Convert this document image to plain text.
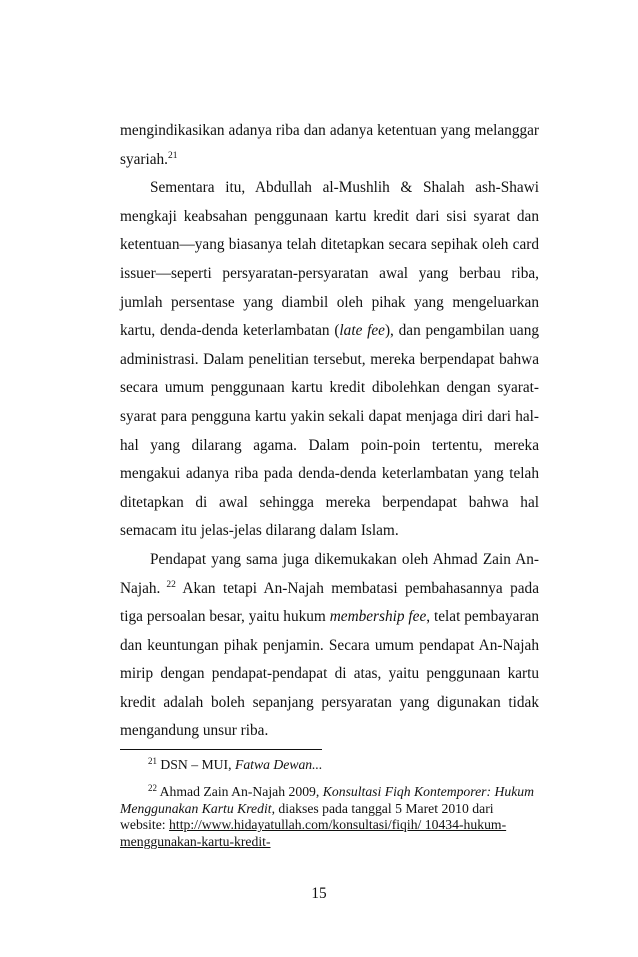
mengindikasikan adanya riba dan adanya ketentuan yang melanggar syariah.$^{21}$

Sementara itu, Abdullah al-Mushlih & Shalah ash-Shawi mengkaji keabsahan penggunaan kartu kredit dari sisi syarat dan ketentuan—yang biasanya telah ditetapkan secara sepihak oleh card issuer—seperti persyaratan-persyaratan awal yang berbau riba, jumlah persentase yang diambil oleh pihak yang mengeluarkan kartu, denda-denda keterlambatan (late fee), dan pengambilan uang administrasi. Dalam penelitian tersebut, mereka berpendapat bahwa secara umum penggunaan kartu kredit dibolehkan dengan syarat-syarat para pengguna kartu yakin sekali dapat menjaga diri dari hal-hal yang dilarang agama. Dalam poin-poin tertentu, mereka mengakui adanya riba pada denda-denda keterlambatan yang telah ditetapkan di awal sehingga mereka berpendapat bahwa hal semacam itu jelas-jelas dilarang dalam Islam.

Pendapat yang sama juga dikemukakan oleh Ahmad Zain An-Najah. $^{22}$ Akan tetapi An-Najah membatasi pembahasannya pada tiga persoalan besar, yaitu hukum membership fee, telat pembayaran dan keuntungan pihak penjamin. Secara umum pendapat An-Najah mirip dengan pendapat-pendapat di atas, yaitu penggunaan kartu kredit adalah boleh sepanjang persyaratan yang digunakan tidak mengandung unsur riba.

$^{21}$ DSN – MUI, Fatwa Dewan...

$^{22}$ Ahmad Zain An-Najah 2009, Konsultasi Fiqh Kontemporer: Hukum Menggunakan Kartu Kredit, diakses pada tanggal 5 Maret 2010 dari website: http://www.hidayatullah.com/konsultasi/fiqih/ 10434-hukum-menggunakan-kartu-kredit-

15
